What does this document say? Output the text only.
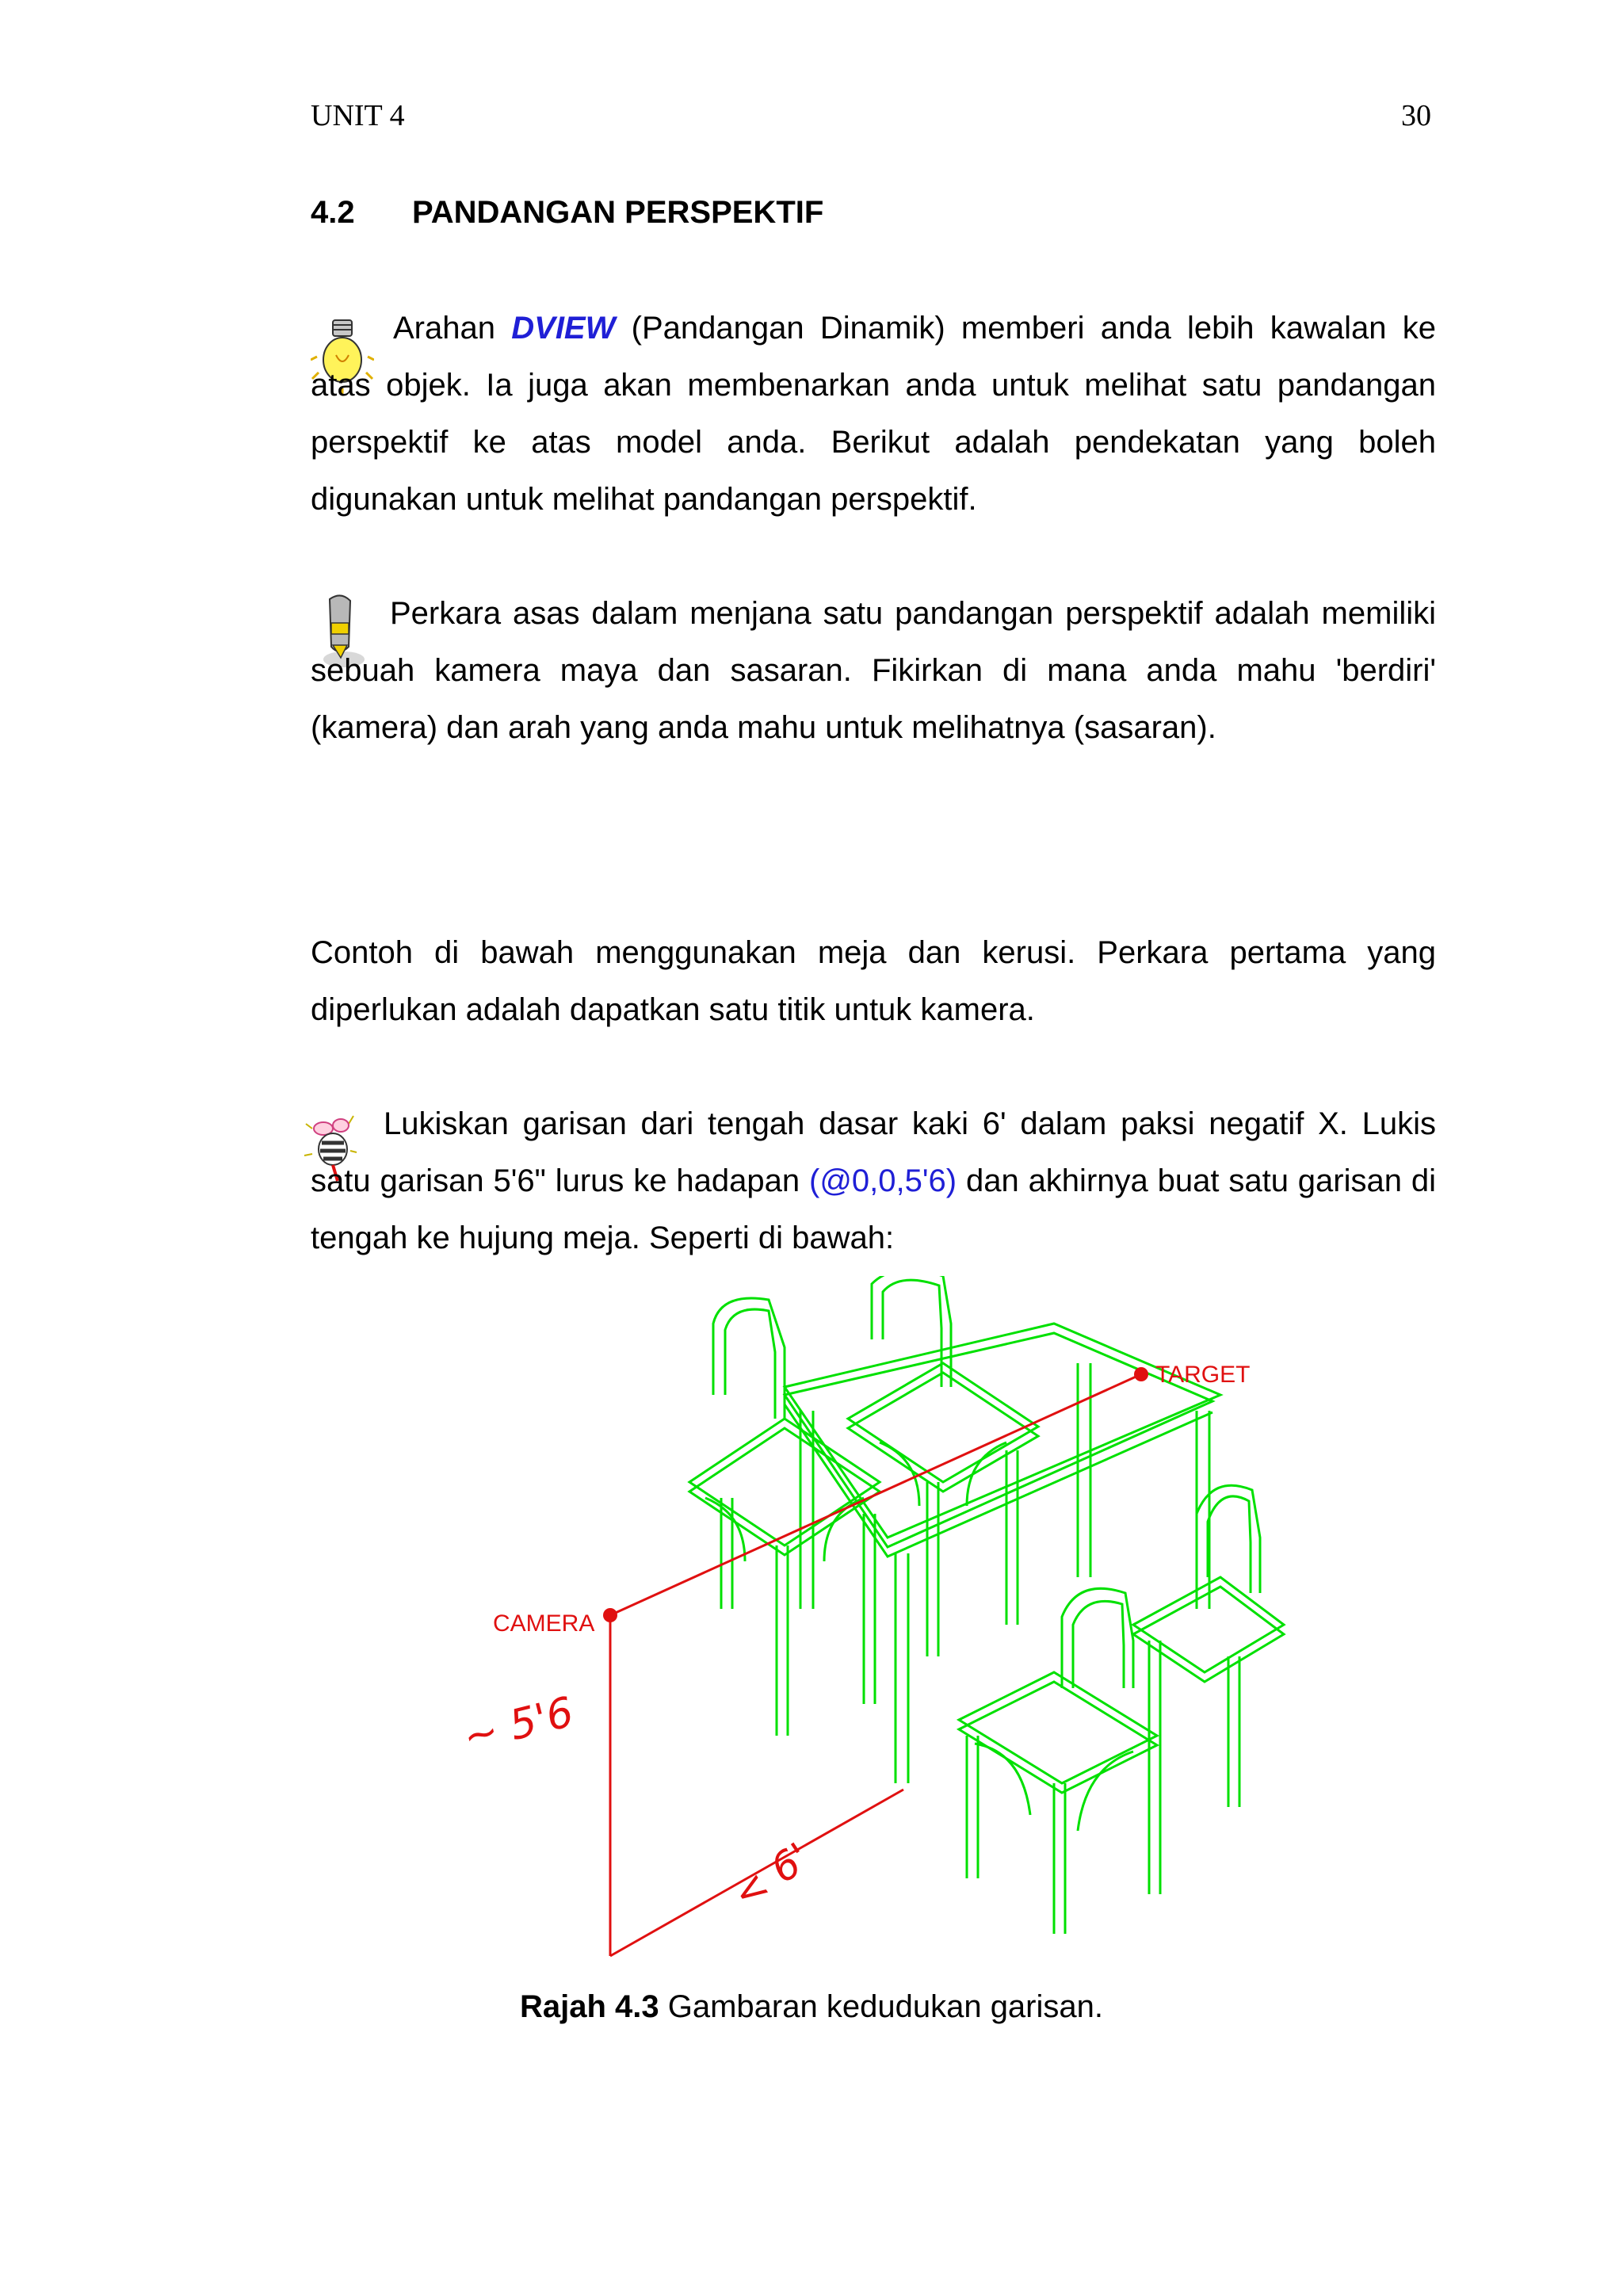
UNIT 4	30
4.2 PANDANGAN PERSPEKTIF
Arahan DVIEW (Pandangan Dinamik) memberi anda lebih kawalan ke atas objek. Ia juga akan membenarkan anda untuk melihat satu pandangan perspektif ke atas model anda. Berikut adalah pendekatan yang boleh digunakan untuk melihat pandangan perspektif.
Perkara asas dalam menjana satu pandangan perspektif adalah memiliki sebuah kamera maya dan sasaran. Fikirkan di mana anda mahu 'berdiri' (kamera) dan arah yang anda mahu untuk melihatnya (sasaran).
Contoh di bawah menggunakan meja dan kerusi. Perkara pertama yang diperlukan adalah dapatkan satu titik untuk kamera.
Lukiskan garisan dari tengah dasar kaki 6' dalam paksi negatif X. Lukis satu garisan 5'6" lurus ke hadapan (@0,0,5'6) dan akhirnya buat satu garisan di tengah ke hujung meja. Seperti di bawah:
TARGET
CAMERA
~ 5'6
< 6'
Rajah 4.3 Gambaran kedudukan garisan.
